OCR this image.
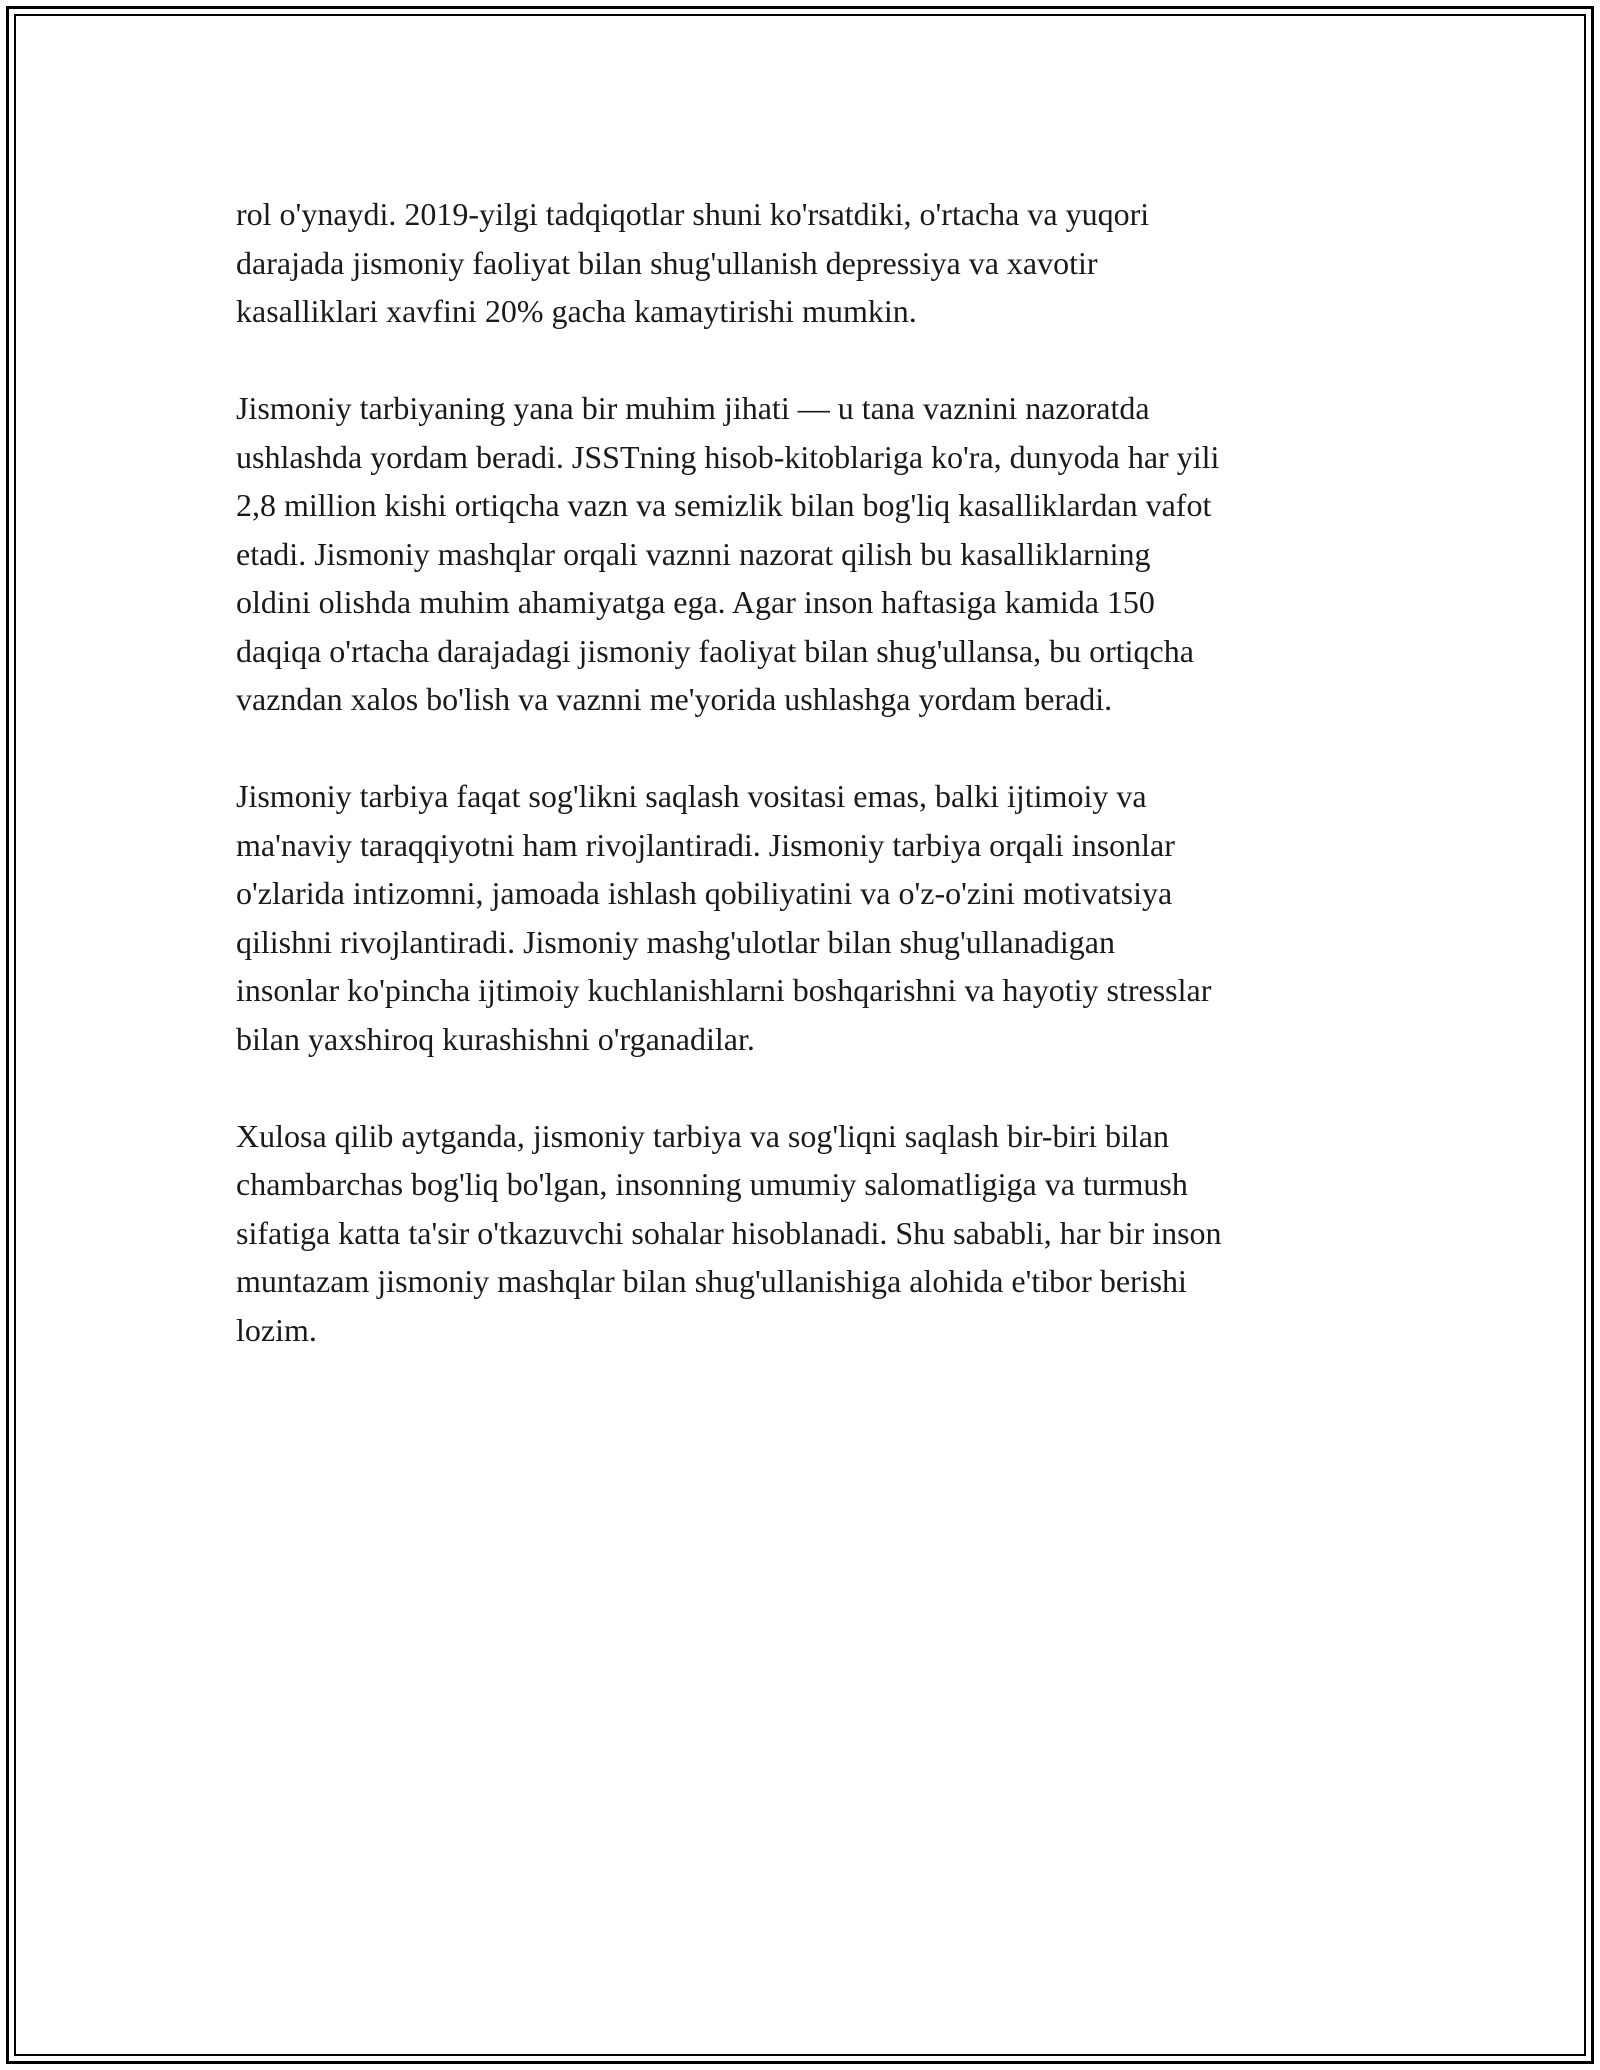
rol o'ynaydi. 2019-yilgi tadqiqotlar shuni ko'rsatdiki, o'rtacha va yuqori
darajada jismoniy faoliyat bilan shug'ullanish depressiya va xavotir
kasalliklari xavfini 20% gacha kamaytirishi mumkin.

Jismoniy tarbiyaning yana bir muhim jihati — u tana vaznini nazoratda
ushlashda yordam beradi. JSSTning hisob-kitoblariga ko'ra, dunyoda har yili
2,8 million kishi ortiqcha vazn va semizlik bilan bog'liq kasalliklardan vafot
etadi. Jismoniy mashqlar orqali vaznni nazorat qilish bu kasalliklarning
oldini olishda muhim ahamiyatga ega. Agar inson haftasiga kamida 150
daqiqa o'rtacha darajadagi jismoniy faoliyat bilan shug'ullansa, bu ortiqcha
vazndan xalos bo'lish va vaznni me'yorida ushlashga yordam beradi.

Jismoniy tarbiya faqat sog'likni saqlash vositasi emas, balki ijtimoiy va
ma'naviy taraqqiyotni ham rivojlantiradi. Jismoniy tarbiya orqali insonlar
o'zlarida intizomni, jamoada ishlash qobiliyatini va o'z-o'zini motivatsiya
qilishni rivojlantiradi. Jismoniy mashg'ulotlar bilan shug'ullanadigan
insonlar ko'pincha ijtimoiy kuchlanishlarni boshqarishni va hayotiy stresslar
bilan yaxshiroq kurashishni o'rganadilar.

Xulosa qilib aytganda, jismoniy tarbiya va sog'liqni saqlash bir-biri bilan
chambarchas bog'liq bo'lgan, insonning umumiy salomatligiga va turmush
sifatiga katta ta'sir o'tkazuvchi sohalar hisoblanadi. Shu sababli, har bir inson
muntazam jismoniy mashqlar bilan shug'ullanishiga alohida e'tibor berishi
lozim.
